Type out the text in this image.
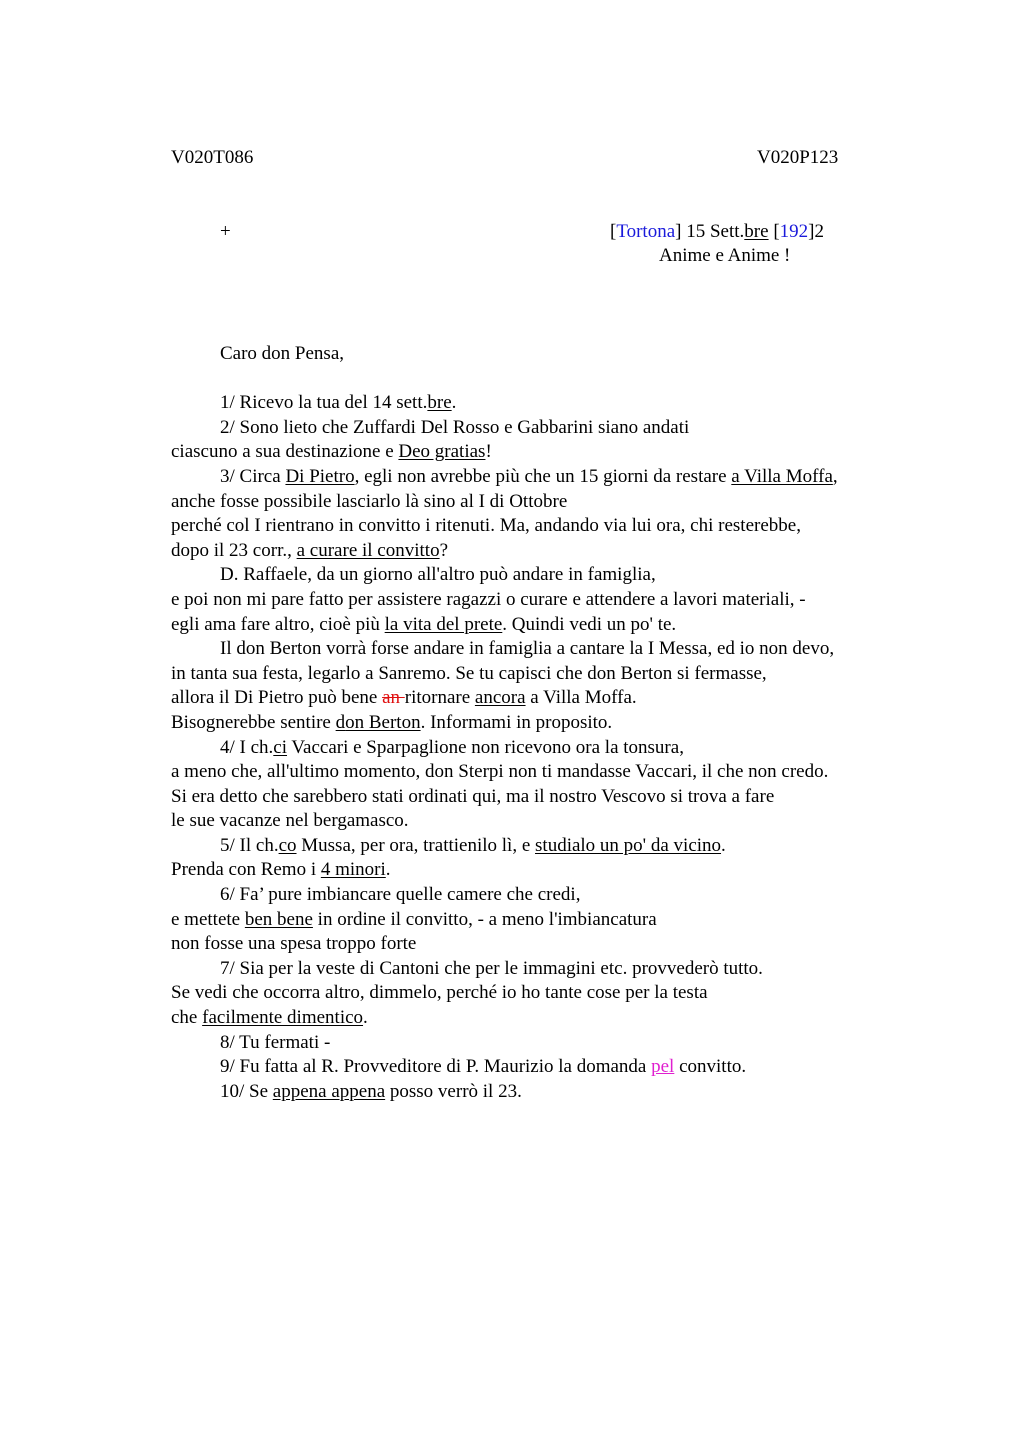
V020T086	V020P123
+	[Tortona] 15 Sett.bre [192]2
Anime e Anime !
Caro don Pensa,
1/ Ricevo la tua del 14 sett.bre.
2/ Sono lieto che Zuffardi Del Rosso e Gabbarini siano andati
ciascuno a sua destinazione e Deo gratias!
3/ Circa Di Pietro, egli non avrebbe più che un 15 giorni da restare a Villa Moffa,
anche fosse possibile lasciarlo là sino al I di Ottobre
perché col I rientrano in convitto i ritenuti. Ma, andando via lui ora, chi resterebbe,
dopo il 23 corr., a curare il convitto?
D. Raffaele, da un giorno all'altro può andare in famiglia,
e poi non mi pare fatto per assistere ragazzi o curare e attendere a lavori materiali, -
egli ama fare altro, cioè più la vita del prete. Quindi vedi un po' te.
Il don Berton vorrà forse andare in famiglia a cantare la I Messa, ed io non devo,
in tanta sua festa, legarlo a Sanremo. Se tu capisci che don Berton si fermasse,
allora il Di Pietro può bene an ritornare ancora a Villa Moffa.
Bisognerebbe sentire don Berton. Informami in proposito.
4/ I ch.ci Vaccari e Sparpaglione non ricevono ora la tonsura,
a meno che, all'ultimo momento, don Sterpi non ti mandasse Vaccari, il che non credo.
Si era detto che sarebbero stati ordinati qui, ma il nostro Vescovo si trova a fare
le sue vacanze nel bergamasco.
5/ Il ch.co Mussa, per ora, trattienilo lì, e studialo un po' da vicino.
Prenda con Remo i 4 minori.
6/ Fa’ pure imbiancare quelle camere che credi,
e mettete ben bene in ordine il convitto, - a meno l'imbiancatura
non fosse una spesa troppo forte
7/ Sia per la veste di Cantoni che per le immagini etc. provvederò tutto.
Se vedi che occorra altro, dimmelo, perché io ho tante cose per la testa
che facilmente dimentico.
8/ Tu fermati -
9/ Fu fatta al R. Provveditore di P. Maurizio la domanda pel convitto.
10/ Se appena appena posso verrò il 23.
